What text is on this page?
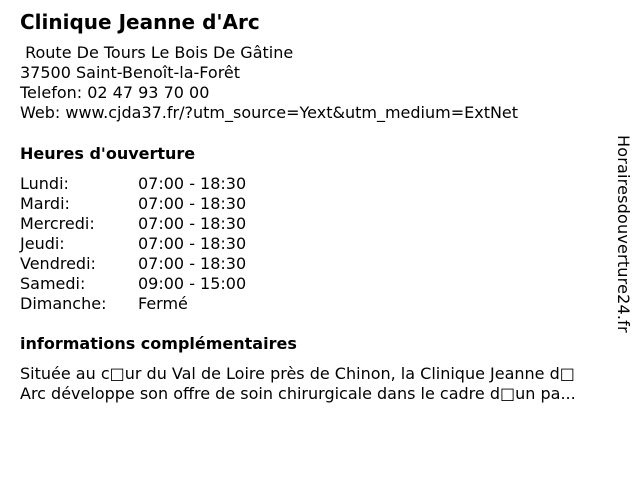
Clinique Jeanne d'Arc
Route De Tours Le Bois De Gâtine
37500 Saint-Benoît-la-Forêt
Telefon: 02 47 93 70 00
Web: www.cjda37.fr/?utm_source=Yext&utm_medium=ExtNet
Heures d'ouverture
Lundi:	07:00 - 18:30
Mardi:	07:00 - 18:30
Mercredi:	07:00 - 18:30
Jeudi:	07:00 - 18:30
Vendredi:	07:00 - 18:30
Samedi:	09:00 - 15:00
Dimanche: Fermé
informations complémentaires
Située au c□ur du Val de Loire près de Chinon, la Clinique Jeanne d□
Arc développe son offre de soin chirurgicale dans le cadre d□un pa...
Horairesdouverture24.fr
